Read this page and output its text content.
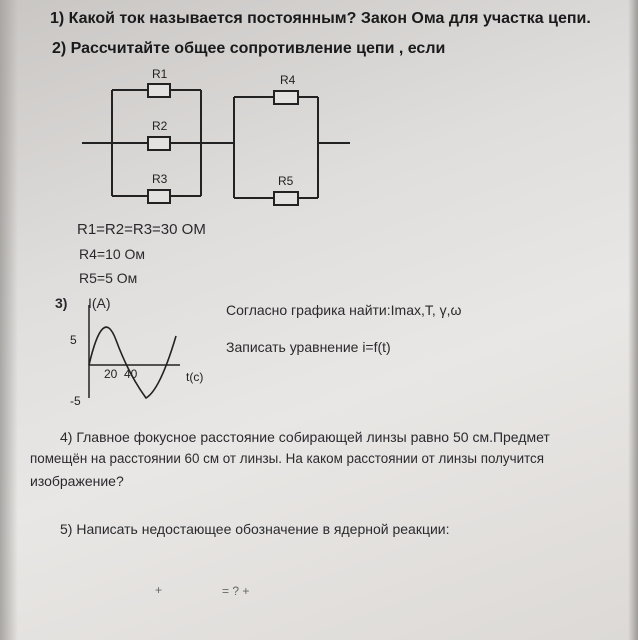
1) Какой ток называется постоянным? Закон Ома для участка цепи.
2) Рассчитайте общее сопротивление цепи , если
R1
R2
R3
R4
R5
R1=R2=R3=30 ОМ
R4=10 Ом
R5=5 Ом
3) I(A)	Согласно графика найти:Imax,T, γ,ω
Записать уравнение i=f(t)
5
-5
20 40	t(c)
4) Главное фокусное расстояние собирающей линзы равно 50 см.Предмет
помещён на расстоянии 60 см от линзы. На каком расстоянии от линзы получится
изображение?
5) Написать недостающее обозначение в ядерной реакции:
+	= ? +
